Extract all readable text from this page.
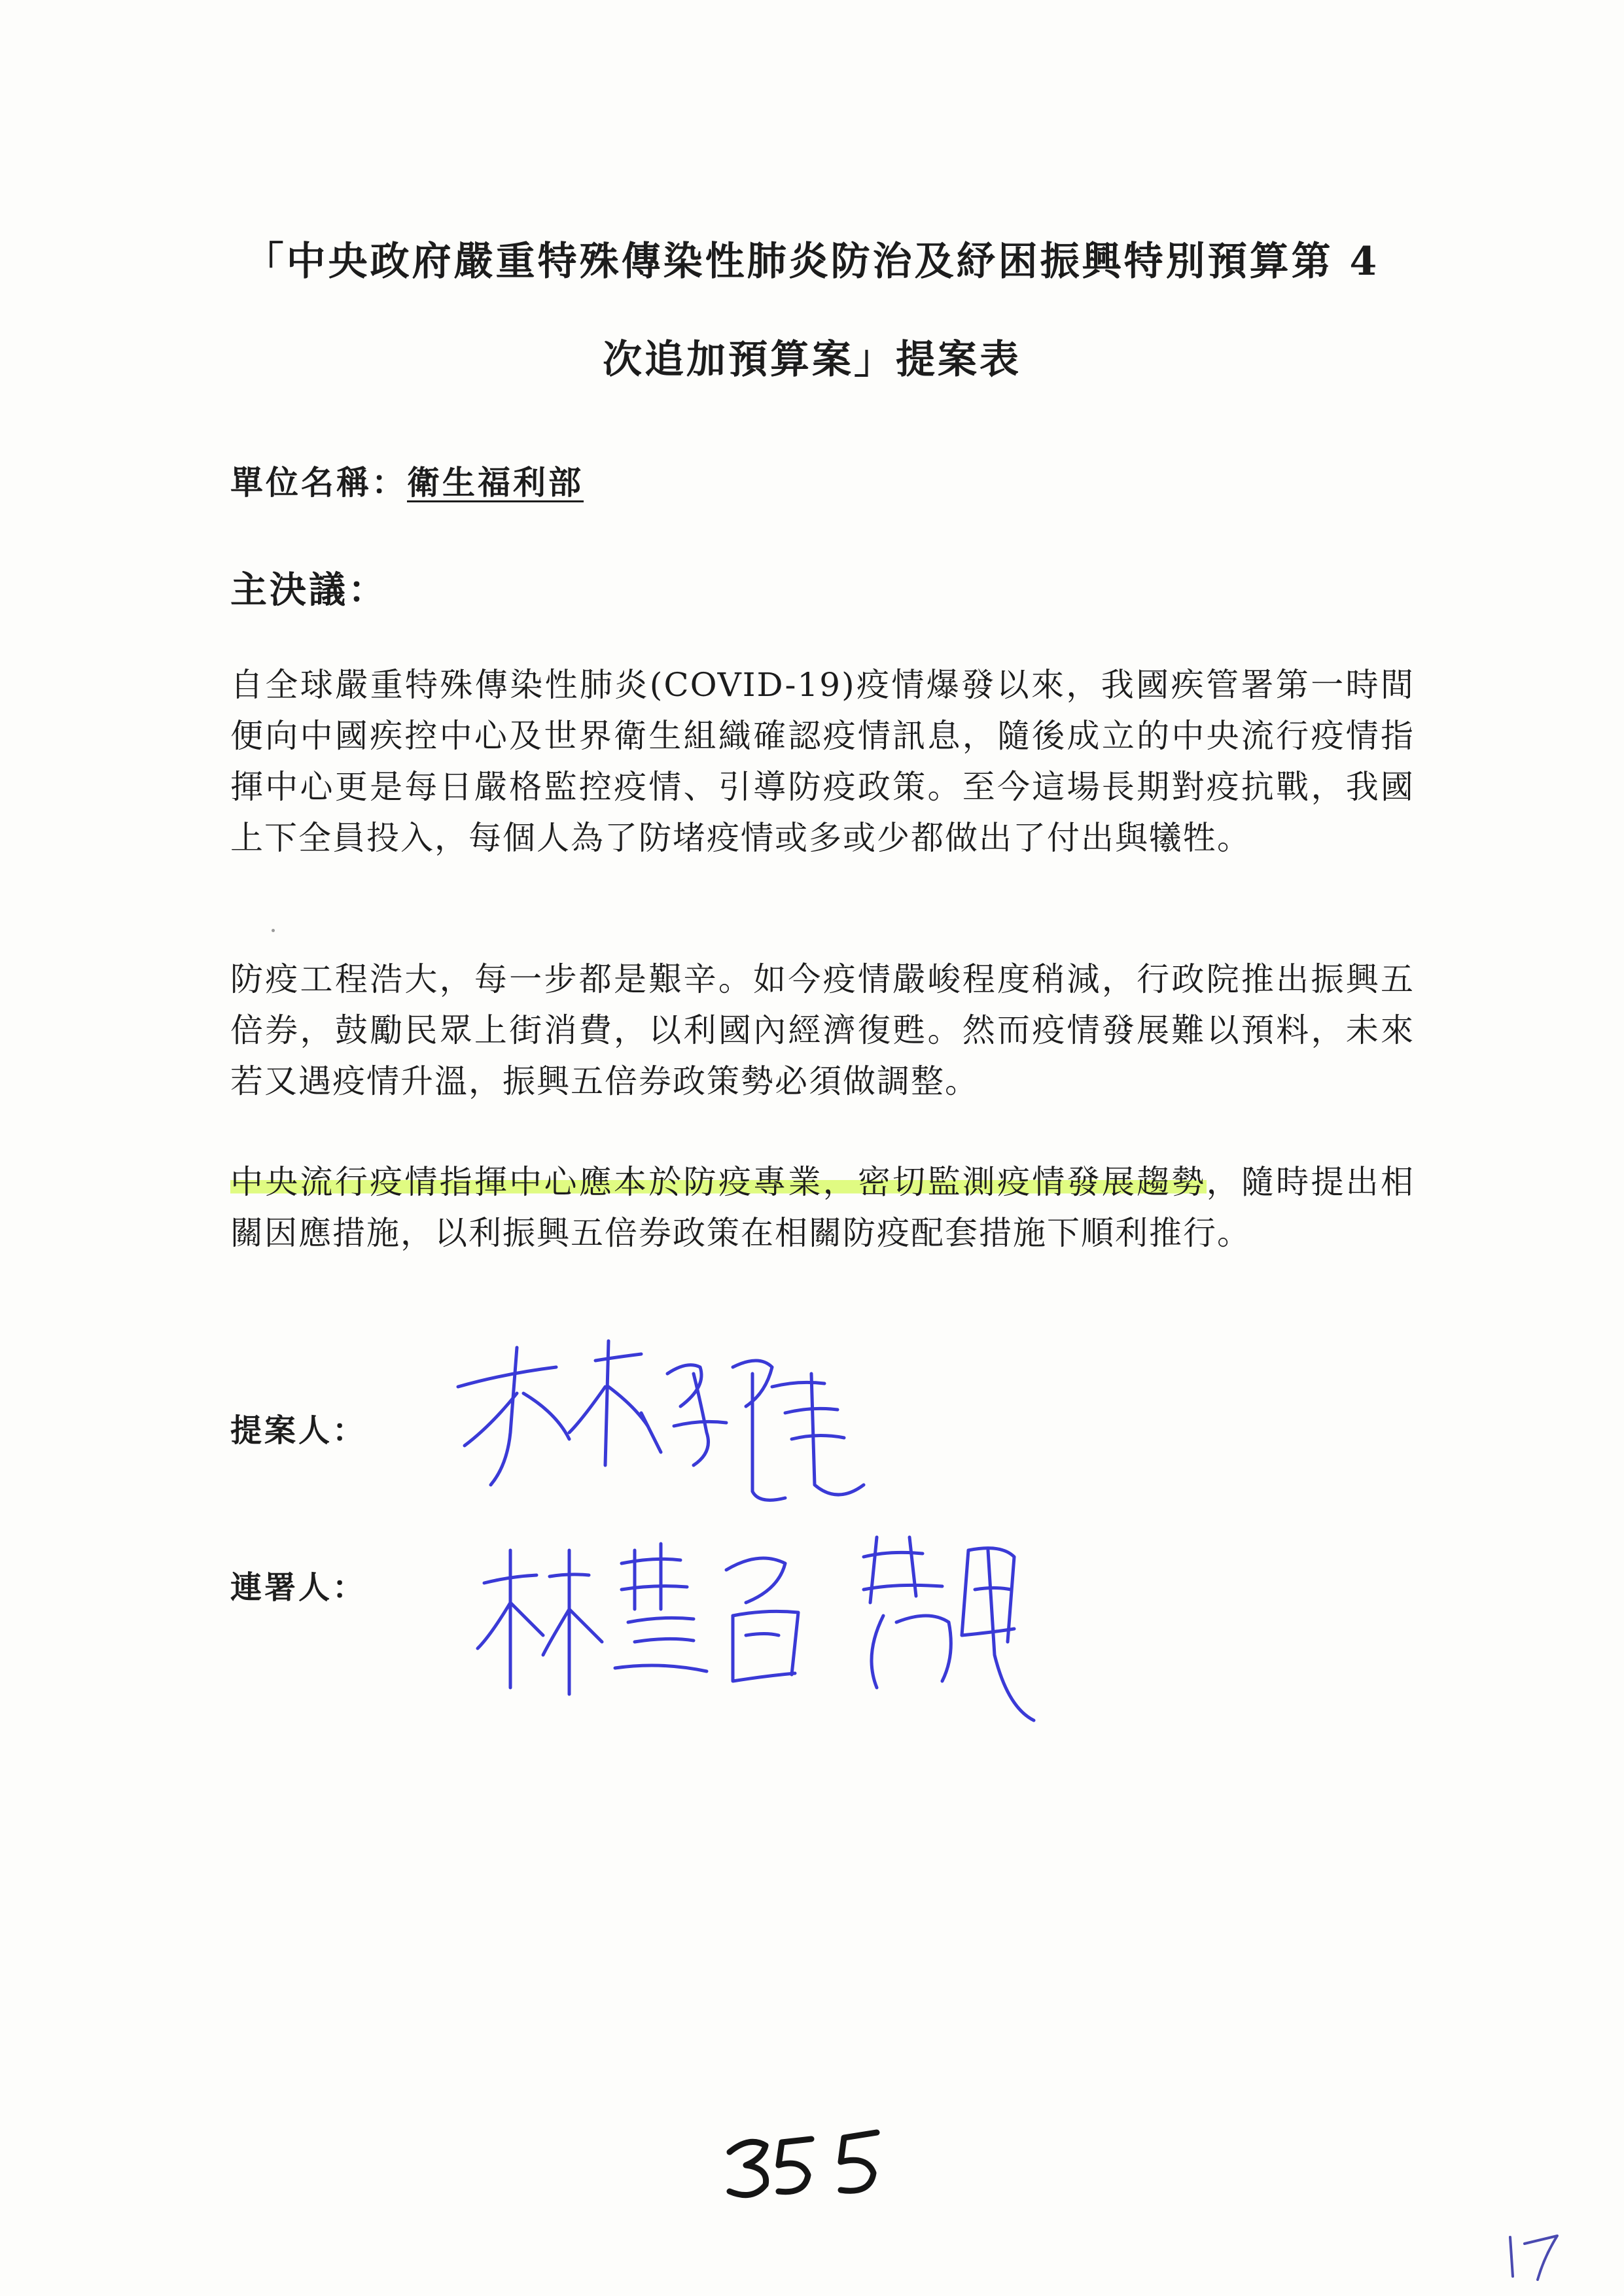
「中央政府嚴重特殊傳染性肺炎防治及紓困振興特別預算第 4
次追加預算案」提案表
單位名稱：衛生福利部
主決議：

自全球嚴重特殊傳染性肺炎(COVID-19)疫情爆發以來，我國疾管署第一時間便向中國疾控中心及世界衛生組織確認疫情訊息，隨後成立的中央流行疫情指揮中心更是每日嚴格監控疫情、引導防疫政策。至今這場長期對疫抗戰，我國上下全員投入，每個人為了防堵疫情或多或少都做出了付出與犧牲。

防疫工程浩大，每一步都是艱辛。如今疫情嚴峻程度稍減，行政院推出振興五倍券，鼓勵民眾上街消費，以利國內經濟復甦。然而疫情發展難以預料，未來若又遇疫情升溫，振興五倍券政策勢必須做調整。

中央流行疫情指揮中心應本於防疫專業，密切監測疫情發展趨勢，隨時提出相關因應措施，以利振興五倍券政策在相關防疫配套措施下順利推行。

提案人：
連署人：
